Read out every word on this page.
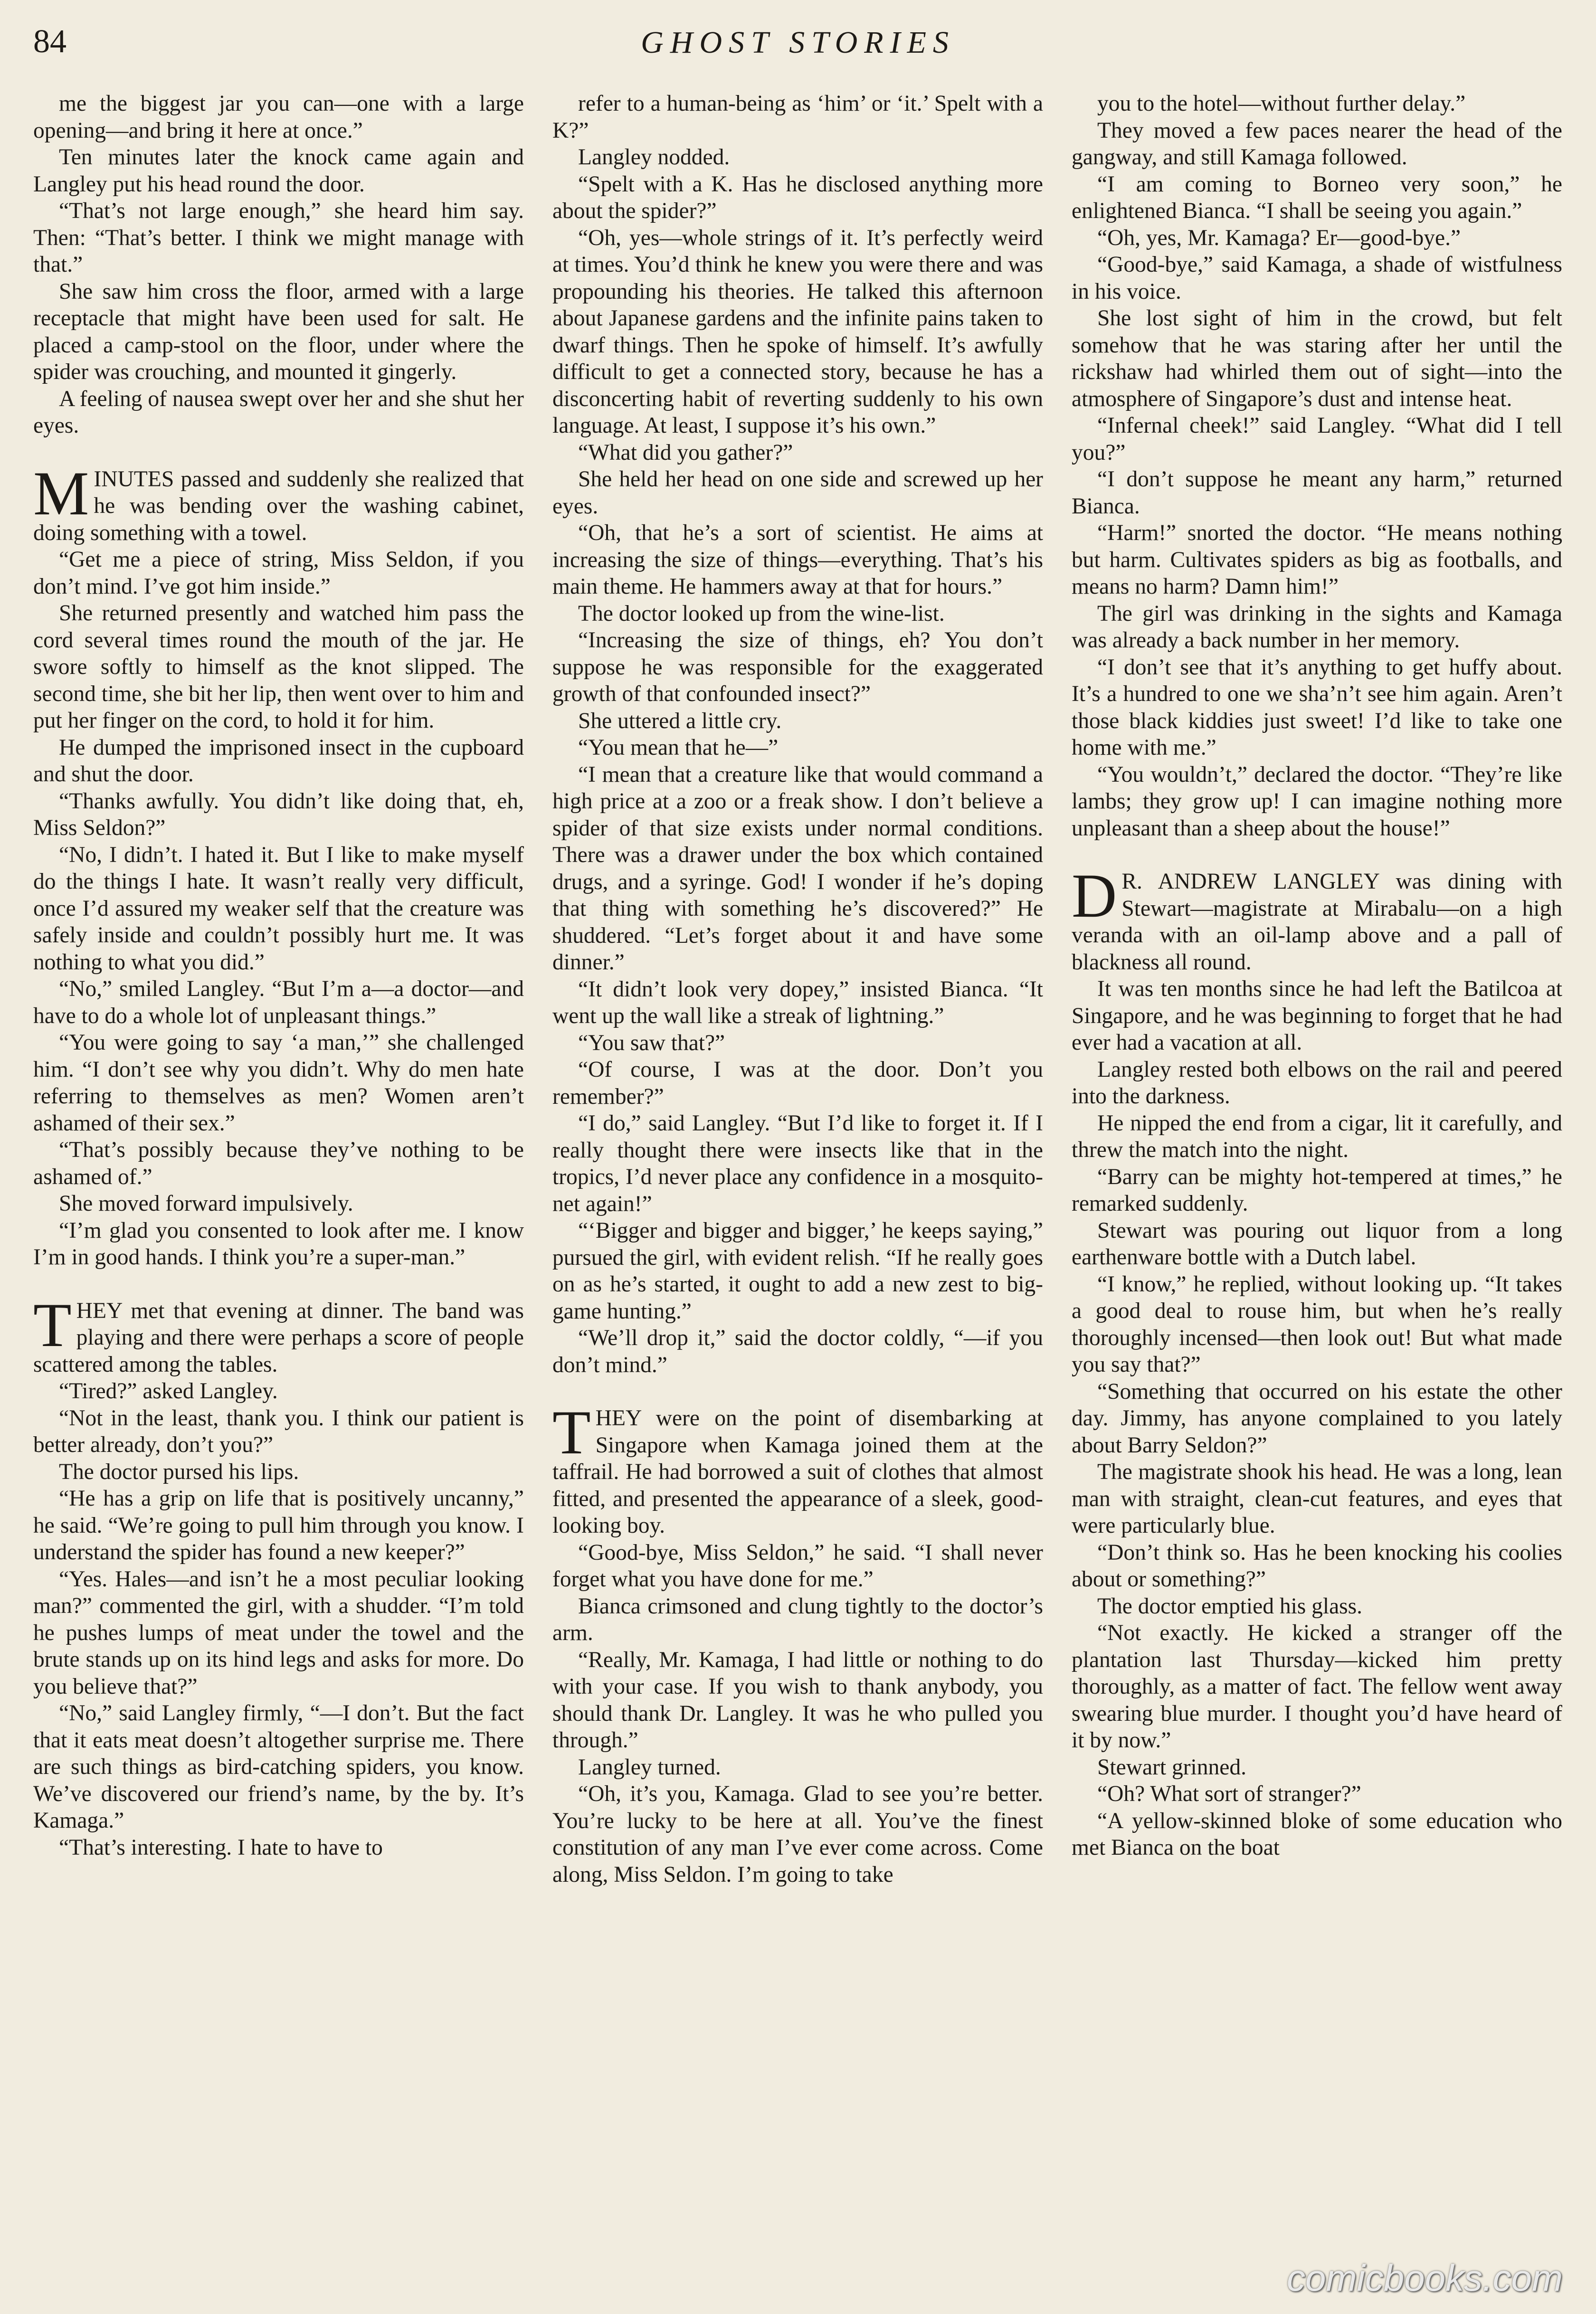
84	GHOST STORIES

me the biggest jar you can—one with a large opening—and bring it here at once.”

Ten minutes later the knock came again and Langley put his head round the door.

“That’s not large enough,” she heard him say. Then: “That’s better. I think we might manage with that.”

She saw him cross the floor, armed with a large receptacle that might have been used for salt. He placed a camp-stool on the floor, under where the spider was crouching, and mounted it gingerly.

A feeling of nausea swept over her and she shut her eyes.

MINUTES passed and suddenly she realized that he was bending over the washing cabinet, doing something with a towel.

“Get me a piece of string, Miss Seldon, if you don’t mind. I’ve got him inside.”

She returned presently and watched him pass the cord several times round the mouth of the jar. He swore softly to himself as the knot slipped. The second time, she bit her lip, then went over to him and put her finger on the cord, to hold it for him.

He dumped the imprisoned insect in the cupboard and shut the door.

“Thanks awfully. You didn’t like doing that, eh, Miss Seldon?”

“No, I didn’t. I hated it. But I like to make myself do the things I hate. It wasn’t really very difficult, once I’d assured my weaker self that the creature was safely inside and couldn’t possibly hurt me. It was nothing to what you did.”

“No,” smiled Langley. “But I’m a—a doctor—and have to do a whole lot of unpleasant things.”

“You were going to say ‘a man,’” she challenged him. “I don’t see why you didn’t. Why do men hate referring to themselves as men? Women aren’t ashamed of their sex.”

“That’s possibly because they’ve nothing to be ashamed of.”

She moved forward impulsively.

“I’m glad you consented to look after me. I know I’m in good hands. I think you’re a super-man.”

THEY met that evening at dinner. The band was playing and there were perhaps a score of people scattered among the tables.

“Tired?” asked Langley.

“Not in the least, thank you. I think our patient is better already, don’t you?”

The doctor pursed his lips.

“He has a grip on life that is positively uncanny,” he said. “We’re going to pull him through you know. I understand the spider has found a new keeper?”

“Yes. Hales—and isn’t he a most peculiar looking man?” commented the girl, with a shudder. “I’m told he pushes lumps of meat under the towel and the brute stands up on its hind legs and asks for more. Do you believe that?”

“No,” said Langley firmly, “—I don’t. But the fact that it eats meat doesn’t altogether surprise me. There are such things as bird-catching spiders, you know. We’ve discovered our friend’s name, by the by. It’s Kamaga.”

“That’s interesting. I hate to have to

refer to a human-being as ‘him’ or ‘it.’ Spelt with a K?”

Langley nodded.

“Spelt with a K. Has he disclosed anything more about the spider?”

“Oh, yes—whole strings of it. It’s perfectly weird at times. You’d think he knew you were there and was propounding his theories. He talked this afternoon about Japanese gardens and the infinite pains taken to dwarf things. Then he spoke of himself. It’s awfully difficult to get a connected story, because he has a disconcerting habit of reverting suddenly to his own language. At least, I suppose it’s his own.”

“What did you gather?”

She held her head on one side and screwed up her eyes.

“Oh, that he’s a sort of scientist. He aims at increasing the size of things—everything. That’s his main theme. He hammers away at that for hours.”

The doctor looked up from the wine-list.

“Increasing the size of things, eh? You don’t suppose he was responsible for the exaggerated growth of that confounded insect?”

She uttered a little cry.

“You mean that he—”

“I mean that a creature like that would command a high price at a zoo or a freak show. I don’t believe a spider of that size exists under normal conditions. There was a drawer under the box which contained drugs, and a syringe. God! I wonder if he’s doping that thing with something he’s discovered?” He shuddered. “Let’s forget about it and have some dinner.”

“It didn’t look very dopey,” insisted Bianca. “It went up the wall like a streak of lightning.”

“You saw that?”

“Of course, I was at the door. Don’t you remember?”

“I do,” said Langley. “But I’d like to forget it. If I really thought there were insects like that in the tropics, I’d never place any confidence in a mosquito-net again!”

“‘Bigger and bigger and bigger,’ he keeps saying,” pursued the girl, with evident relish. “If he really goes on as he’s started, it ought to add a new zest to big-game hunting.”

“We’ll drop it,” said the doctor coldly, “—if you don’t mind.”

THEY were on the point of disembarking at Singapore when Kamaga joined them at the taffrail. He had borrowed a suit of clothes that almost fitted, and presented the appearance of a sleek, good-looking boy.

“Good-bye, Miss Seldon,” he said. “I shall never forget what you have done for me.”

Bianca crimsoned and clung tightly to the doctor’s arm.

“Really, Mr. Kamaga, I had little or nothing to do with your case. If you wish to thank anybody, you should thank Dr. Langley. It was he who pulled you through.”

Langley turned.

“Oh, it’s you, Kamaga. Glad to see you’re better. You’re lucky to be here at all. You’ve the finest constitution of any man I’ve ever come across. Come along, Miss Seldon. I’m going to take

you to the hotel—without further delay.”

They moved a few paces nearer the head of the gangway, and still Kamaga followed.

“I am coming to Borneo very soon,” he enlightened Bianca. “I shall be seeing you again.”

“Oh, yes, Mr. Kamaga? Er—good-bye.”

“Good-bye,” said Kamaga, a shade of wistfulness in his voice.

She lost sight of him in the crowd, but felt somehow that he was staring after her until the rickshaw had whirled them out of sight—into the atmosphere of Singapore’s dust and intense heat.

“Infernal cheek!” said Langley. “What did I tell you?”

“I don’t suppose he meant any harm,” returned Bianca.

“Harm!” snorted the doctor. “He means nothing but harm. Cultivates spiders as big as footballs, and means no harm? Damn him!”

The girl was drinking in the sights and Kamaga was already a back number in her memory.

“I don’t see that it’s anything to get huffy about. It’s a hundred to one we sha’n’t see him again. Aren’t those black kiddies just sweet! I’d like to take one home with me.”

“You wouldn’t,” declared the doctor. “They’re like lambs; they grow up! I can imagine nothing more unpleasant than a sheep about the house!”

DR. ANDREW LANGLEY was dining with Stewart—magistrate at Mirabalu—on a high veranda with an oil-lamp above and a pall of blackness all round.

It was ten months since he had left the Batilcoa at Singapore, and he was beginning to forget that he had ever had a vacation at all.

Langley rested both elbows on the rail and peered into the darkness.

He nipped the end from a cigar, lit it carefully, and threw the match into the night.

“Barry can be mighty hot-tempered at times,” he remarked suddenly.

Stewart was pouring out liquor from a long earthenware bottle with a Dutch label.

“I know,” he replied, without looking up. “It takes a good deal to rouse him, but when he’s really thoroughly incensed—then look out! But what made you say that?”

“Something that occurred on his estate the other day. Jimmy, has anyone complained to you lately about Barry Seldon?”

The magistrate shook his head. He was a long, lean man with straight, clean-cut features, and eyes that were particularly blue.

“Don’t think so. Has he been knocking his coolies about or something?”

The doctor emptied his glass.

“Not exactly. He kicked a stranger off the plantation last Thursday—kicked him pretty thoroughly, as a matter of fact. The fellow went away swearing blue murder. I thought you’d have heard of it by now.”

Stewart grinned.

“Oh? What sort of stranger?”

“A yellow-skinned bloke of some education who met Bianca on the boat

comicbooks.com
